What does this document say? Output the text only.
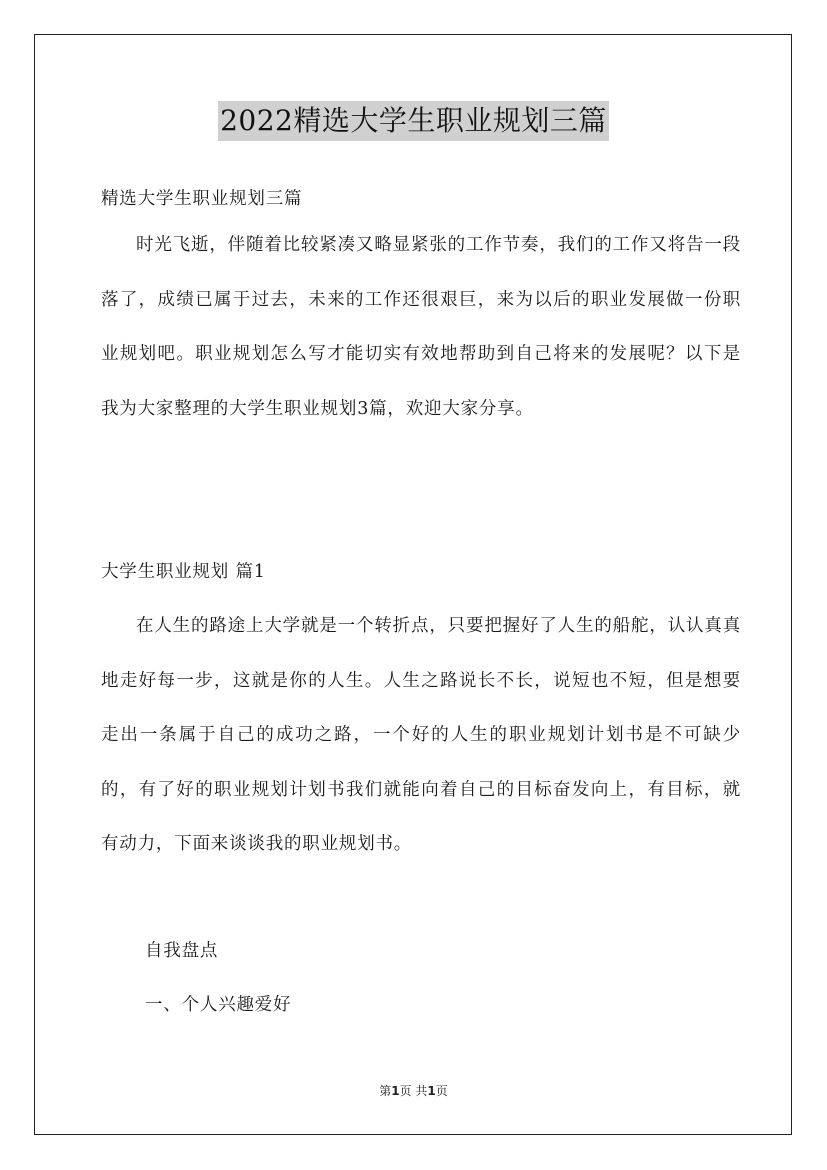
2022精选大学生职业规划三篇
精选大学生职业规划三篇
时光飞逝，伴随着比较紧凑又略显紧张的工作节奏，我们的工作又将告一段落了，成绩已属于过去，未来的工作还很艰巨，来为以后的职业发展做一份职业规划吧。职业规划怎么写才能切实有效地帮助到自己将来的发展呢？以下是我为大家整理的大学生职业规划3篇，欢迎大家分享。
大学生职业规划 篇1
在人生的路途上大学就是一个转折点，只要把握好了人生的船舵，认认真真地走好每一步，这就是你的人生。人生之路说长不长，说短也不短，但是想要走出一条属于自己的成功之路，一个好的人生的职业规划计划书是不可缺少的，有了好的职业规划计划书我们就能向着自己的目标奋发向上，有目标，就有动力，下面来谈谈我的职业规划书。
自我盘点
一、个人兴趣爱好
第1页 共1页
